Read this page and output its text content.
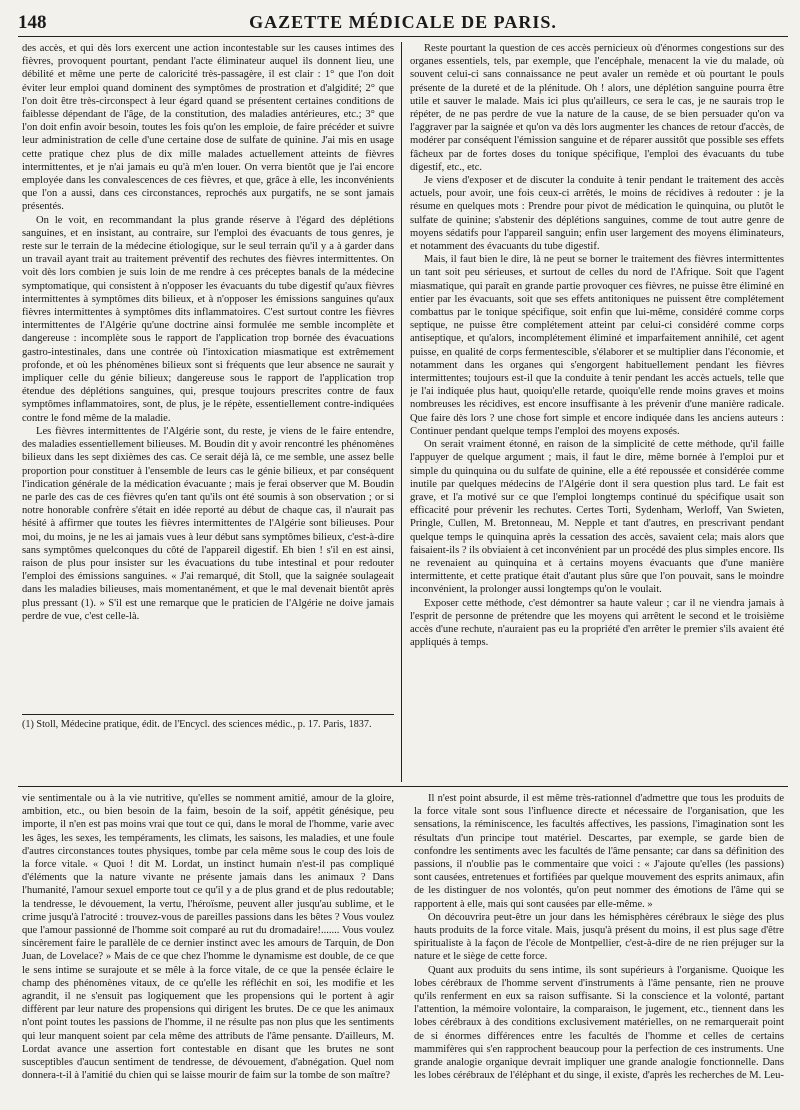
148	GAZETTE MÉDICALE DE PARIS.

des accès, et qui dès lors exercent une action incontestable sur les causes intimes des fièvres, provoquent pourtant, pendant l'acte éliminateur auquel ils donnent lieu, une débilité et même une perte de caloricité très-passagère, il est clair : 1° que l'on doit éviter leur emploi quand dominent des symptômes de prostration et d'algidité; 2° que l'on doit être très-circonspect à leur égard quand se présentent certaines conditions de faiblesse dépendant de l'âge, de la constitution, des maladies antérieures, etc.; 3° que l'on doit enfin avoir besoin, toutes les fois qu'on les emploie, de faire précéder et suivre leur administration de celle d'une certaine dose de sulfate de quinine. J'ai mis en usage cette pratique chez plus de dix mille malades actuellement atteints de fièvres intermittentes, et je n'ai jamais eu qu'à m'en louer. On verra bientôt que je l'ai encore employée dans les convalescences de ces fièvres, et que, grâce à elle, les inconvénients que l'on a aussi, dans ces circonstances, reprochés aux purgatifs, ne se sont jamais présentés.

On le voit, en recommandant la plus grande réserve à l'égard des déplétions sanguines, et en insistant, au contraire, sur l'emploi des évacuants de tous genres, je reste sur le terrain de la médecine étiologique, sur le seul terrain qu'il y a à garder dans un travail ayant trait au traitement préventif des rechutes des fièvres intermittentes. On voit dès lors combien je suis loin de me rendre à ces préceptes banals de la médecine symptomatique, qui consistent à n'opposer les évacuants du tube digestif qu'aux fièvres intermittentes à symptômes dits bilieux, et à n'opposer les émissions sanguines qu'aux fièvres intermittentes à symptômes dits inflammatoires. C'est surtout contre les fièvres intermittentes de l'Algérie qu'une doctrine ainsi formulée me semble incomplète et dangereuse : incomplète sous le rapport de l'application trop bornée des évacuations gastro-intestinales, dans une contrée où l'intoxication miasmatique est extrêmement profonde, et où les phénomènes bilieux sont si fréquents que leur absence ne saurait y impliquer celle du génie bilieux; dangereuse sous le rapport de l'application trop étendue des déplétions sanguines, qui, presque toujours prescrites contre de faux symptômes inflammatoires, sont, de plus, je le répète, essentiellement contre-indiquées contre le fond même de la maladie.

Les fièvres intermittentes de l'Algérie sont, du reste, je viens de le faire entendre, des maladies essentiellement bilieuses. M. Boudin dit y avoir rencontré les phénomènes bilieux dans les sept dixièmes des cas. Ce serait déjà là, ce me semble, une assez belle proportion pour constituer à l'ensemble de leurs cas le génie bilieux, et par conséquent l'indication générale de la médication évacuante ; mais je ferai observer que M. Boudin ne parle des cas de ces fièvres qu'en tant qu'ils ont été soumis à son observation ; or si notre honorable confrère s'était en idée reporté au début de chaque cas, il n'aurait pas hésité à affirmer que toutes les fièvres intermittentes de l'Algérie sont bilieuses. Pour moi, du moins, je ne les ai jamais vues à leur début sans symptômes bilieux, c'est-à-dire sans symptômes quelconques du côté de l'appareil digestif. Eh bien ! s'il en est ainsi, raison de plus pour insister sur les évacuations du tube intestinal et pour redouter l'emploi des émissions sanguines. « J'ai remarqué, dit Stoll, que la saignée soulageait dans les maladies bilieuses, mais momentanément, et que le mal devenait bientôt après plus pressant (1). » S'il est une remarque que le praticien de l'Algérie ne doive jamais perdre de vue, c'est celle-là.

(1) Stoll, Médecine pratique, édit. de l'Encycl. des sciences médic., p. 17. Paris, 1837.

Reste pourtant la question de ces accès pernicieux où d'énormes congestions sur des organes essentiels, tels, par exemple, que l'encéphale, menacent la vie du malade, où souvent celui-ci sans connaissance ne peut avaler un remède et où pourtant le pouls présente de la dureté et de la plénitude. Oh ! alors, une déplétion sanguine pourra être utile et sauver le malade. Mais ici plus qu'ailleurs, ce sera le cas, je ne saurais trop le répéter, de ne pas perdre de vue la nature de la cause, de se bien persuader qu'on va l'aggraver par la saignée et qu'on va dès lors augmenter les chances de retour d'accès, de modérer par conséquent l'émission sanguine et de réparer aussitôt que possible ses effets fâcheux par de fortes doses du tonique spécifique, l'emploi des évacuants du tube digestif, etc., etc.

Je viens d'exposer et de discuter la conduite à tenir pendant le traitement des accès actuels, pour avoir, une fois ceux-ci arrêtés, le moins de récidives à redouter : je la résume en quelques mots : Prendre pour pivot de médication le quinquina, ou plutôt le sulfate de quinine; s'abstenir des déplétions sanguines, comme de tout autre genre de moyens sédatifs pour l'appareil sanguin; enfin user largement des moyens éliminateurs, et notamment des évacuants du tube digestif.

Mais, il faut bien le dire, là ne peut se borner le traitement des fièvres intermittentes un tant soit peu sérieuses, et surtout de celles du nord de l'Afrique. Soit que l'agent miasmatique, qui paraît en grande partie provoquer ces fièvres, ne puisse être éliminé en entier par les évacuants, soit que ses effets antitoniques ne puissent être complétement combattus par le tonique spécifique, soit enfin que lui-même, considéré comme corps septique, ne puisse être complétement atteint par celui-ci considéré comme corps antiseptique, et qu'alors, incomplétement éliminé et imparfaitement annihilé, cet agent puisse, en qualité de corps fermentescible, s'élaborer et se multiplier dans l'économie, et notamment dans les organes qui s'engorgent habituellement pendant les fièvres intermittentes; toujours est-il que la conduite à tenir pendant les accès actuels, telle que je l'ai indiquée plus haut, quoiqu'elle retarde, quoiqu'elle rende moins graves et moins nombreuses les récidives, est encore insuffisante à les prévenir d'une manière radicale. Que faire dès lors ? une chose fort simple et encore indiquée dans les anciens auteurs : Continuer pendant quelque temps l'emploi des moyens exposés.

On serait vraiment étonné, en raison de la simplicité de cette méthode, qu'il faille l'appuyer de quelque argument ; mais, il faut le dire, même bornée à l'emploi pur et simple du quinquina ou du sulfate de quinine, elle a été repoussée et considérée comme inutile par quelques médecins de l'Algérie dont il sera question plus tard. Le fait est grave, et l'a motivé sur ce que l'emploi longtemps continué du spécifique usait son efficacité pour prévenir les rechutes. Certes Torti, Sydenham, Werloff, Van Swieten, Pringle, Cullen, M. Bretonneau, M. Nepple et tant d'autres, en prescrivant pendant quelque temps le quinquina après la cessation des accès, savaient cela; mais alors que faisaient-ils ? ils obviaient à cet inconvénient par un procédé des plus simples encore. Ils ne revenaient au quinquina et à certains moyens évacuants que d'une manière intermittente, et cette pratique était d'autant plus sûre que l'on pouvait, sans le moindre inconvénient, la prolonger aussi longtemps qu'on le voulait.

Exposer cette méthode, c'est démontrer sa haute valeur ; car il ne viendra jamais à l'esprit de personne de prétendre que les moyens qui arrêtent le second et le troisième accès d'une rechute, n'auraient pas eu la propriété d'en arrêter le premier s'ils avaient été appliqués à temps.

vie sentimentale ou à la vie nutritive, qu'elles se nomment amitié, amour de la gloire, ambition, etc., ou bien besoin de la faim, besoin de la soif, appétit génésique, peu importe, il n'en est pas moins vrai que tout ce qui, dans le moral de l'homme, varie avec les âges, les sexes, les tempéraments, les climats, les saisons, les maladies, et une foule d'autres circonstances toutes physiques, tombe par cela même sous le coup des lois de la force vitale. « Quoi ! dit M. Lordat, un instinct humain n'est-il pas compliqué d'éléments que la nature vivante ne présente jamais dans les animaux ? Dans l'humanité, l'amour sexuel emporte tout ce qu'il y a de plus grand et de plus redoutable; la tendresse, le dévouement, la vertu, l'héroïsme, peuvent aller jusqu'au sublime, et le crime jusqu'à l'atrocité : trouvez-vous de pareilles passions dans les bêtes ? Vous voulez que l'amour passionné de l'homme soit comparé au rut du dromadaire!....... Vous voulez sincèrement faire le parallèle de ce dernier instinct avec les amours de Tarquin, de Don Juan, de Lovelace? » Mais de ce que chez l'homme le dynamisme est double, de ce que le sens intime se surajoute et se mêle à la force vitale, de ce que la pensée éclaire le champ des phénomènes vitaux, de ce qu'elle les réfléchit en soi, les modifie et les agrandit, il ne s'ensuit pas logiquement que les propensions qui le portent à agir diffèrent par leur nature des propensions qui dirigent les brutes. De ce que les animaux n'ont point toutes les passions de l'homme, il ne résulte pas non plus que les sentiments qui leur manquent soient par cela même des attributs de l'âme pensante. D'ailleurs, M. Lordat avance une assertion fort contestable en disant que les brutes ne sont susceptibles d'aucun sentiment de tendresse, de dévouement, d'abnégation. Quel nom donnera-t-il à l'amitié du chien qui se laisse mourir de faim sur la tombe de son maître?

Il n'est point absurde, il est même très-rationnel d'admettre que tous les produits de la force vitale sont sous l'influence directe et nécessaire de l'organisation, que les sensations, la réminiscence, les facultés affectives, les passions, l'imagination sont les résultats d'un principe tout matériel. Descartes, par exemple, se garde bien de confondre les sentiments avec les facultés de l'âme pensante; car dans sa définition des passions, il n'oublie pas le commentaire que voici : « J'ajoute qu'elles (les passions) sont causées, entretenues et fortifiées par quelque mouvement des esprits animaux, afin de les distinguer de nos volontés, qu'on peut nommer des émotions de l'âme qui se rapportent à elle, mais qui sont causées par elle-même. »

On découvrira peut-être un jour dans les hémisphères cérébraux le siège des plus hauts produits de la force vitale. Mais, jusqu'à présent du moins, il est plus sage d'être spiritualiste à la façon de l'école de Montpellier, c'est-à-dire de ne rien préjuger sur la nature et le siège de cette force.

Quant aux produits du sens intime, ils sont supérieurs à l'organisme. Quoique les lobes cérébraux de l'homme servent d'instruments à l'âme pensante, rien ne prouve qu'ils renferment en eux sa raison suffisante. Si la conscience et la volonté, partant l'attention, la mémoire volontaire, la comparaison, le jugement, etc., tiennent dans les lobes cérébraux à des conditions exclusivement matérielles, on ne remarquerait point de si énormes différences entre les facultés de l'homme et celles de certains mammifères qui s'en rapprochent beaucoup pour la perfection de ces instruments. Une grande analogie organique devrait impliquer une grande analogie fonctionnelle. Dans les lobes cérébraux de l'éléphant et du singe, il existe, d'après les recherches de M. Leu-
